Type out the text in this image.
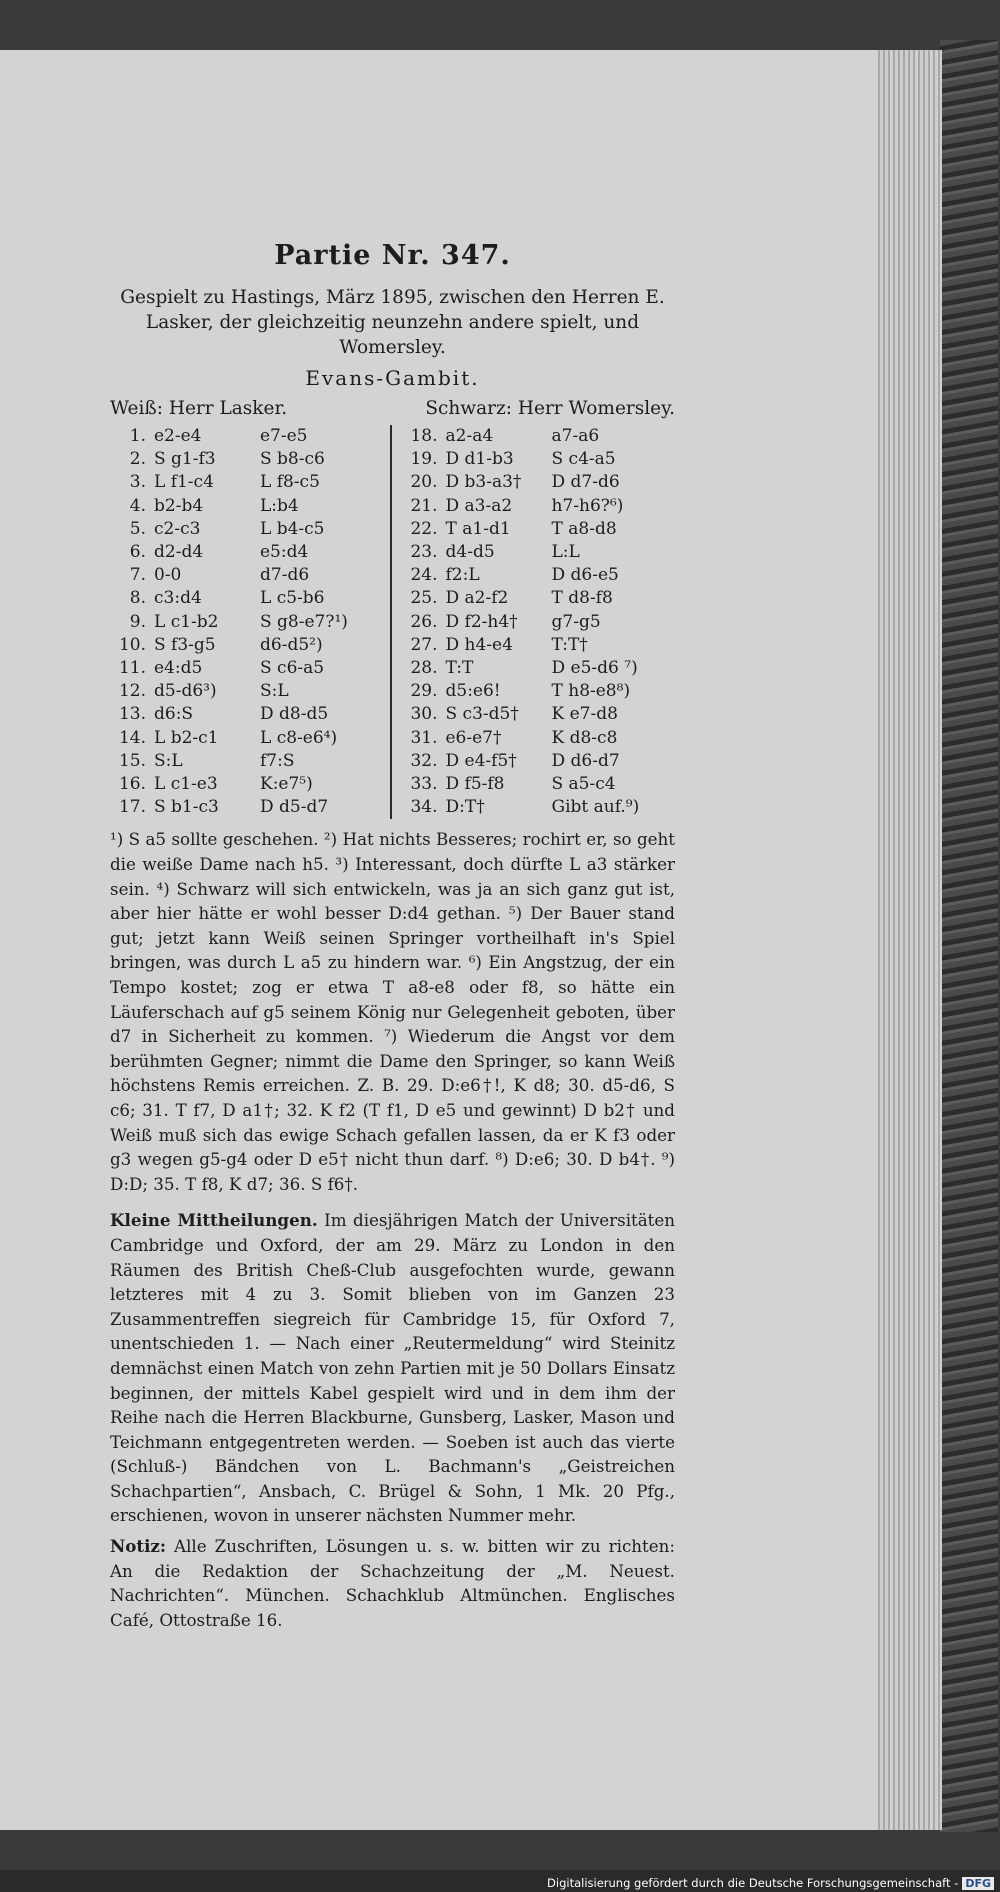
Partie Nr. 347.
Gespielt zu Hastings, März 1895, zwischen den Herren E. Lasker, der gleichzeitig neunzehn andere spielt, und Womersley.
Evans-Gambit.
Weiß: Herr Lasker.	Schwarz: Herr Womersley.
1. e2-e4	e7-e5
2. S g1-f3	S b8-c6
3. L f1-c4	L f8-c5
4. b2-b4	L:b4
5. c2-c3	L b4-c5
6. d2-d4	e5:d4
7. 0-0	d7-d6
8. c3:d4	L c5-b6
9. L c1-b2	S g8-e7?¹)
10. S f3-g5	d6-d5²)
11. e4:d5	S c6-a5
12. d5-d6³)	S:L
13. d6:S	D d8-d5
14. L b2-c1	L c8-e6⁴)
15. S:L	f7:S
16. L c1-e3	K:e7⁵)
17. S b1-c3	D d5-d7
18. a2-a4	a7-a6
19. D d1-b3	S c4-a5
20. D b3-a3†	D d7-d6
21. D a3-a2	h7-h6?⁶)
22. T a1-d1	T a8-d8
23. d4-d5	L:L
24. f2:L	D d6-e5
25. D a2-f2	T d8-f8
26. D f2-h4†	g7-g5
27. D h4-e4	T:T†
28. T:T	D e5-d6 ⁷)
29. d5:e6!	T h8-e8⁸)
30. S c3-d5†	K e7-d8
31. e6-e7†	K d8-c8
32. D e4-f5†	D d6-d7
33. D f5-f8	S a5-c4
34. D:T†	Gibt auf.⁹)
¹) S a5 sollte geschehen. ²) Hat nichts Besseres; rochirt er, so geht die weiße Dame nach h5. ³) Interessant, doch dürfte L a3 stärker sein. ⁴) Schwarz will sich entwickeln, was ja an sich ganz gut ist, aber hier hätte er wohl besser D:d4 gethan. ⁵) Der Bauer stand gut; jetzt kann Weiß seinen Springer vortheilhaft in's Spiel bringen, was durch L a5 zu hindern war. ⁶) Ein Angstzug, der ein Tempo kostet; zog er etwa T a8-e8 oder f8, so hätte ein Läuferschach auf g5 seinem König nur Gelegenheit geboten, über d7 in Sicherheit zu kommen. ⁷) Wiederum die Angst vor dem berühmten Gegner; nimmt die Dame den Springer, so kann Weiß höchstens Remis erreichen. Z. B. 29. D:e6†!, K d8; 30. d5-d6, S c6; 31. T f7, D a1†; 32. K f2 (T f1, D e5 und gewinnt) D b2† und Weiß muß sich das ewige Schach gefallen lassen, da er K f3 oder g3 wegen g5-g4 oder D e5† nicht thun darf. ⁸) D:e6; 30. D b4†. ⁹) D:D; 35. T f8, K d7; 36. S f6†.
Kleine Mittheilungen. Im diesjährigen Match der Universitäten Cambridge und Oxford, der am 29. März zu London in den Räumen des British Cheß-Club ausgefochten wurde, gewann letzteres mit 4 zu 3. Somit blieben von im Ganzen 23 Zusammentreffen siegreich für Cambridge 15, für Oxford 7, unentschieden 1. — Nach einer „Reutermeldung“ wird Steinitz demnächst einen Match von zehn Partien mit je 50 Dollars Einsatz beginnen, der mittels Kabel gespielt wird und in dem ihm der Reihe nach die Herren Blackburne, Gunsberg, Lasker, Mason und Teichmann entgegentreten werden. — Soeben ist auch das vierte (Schluß-) Bändchen von L. Bachmann's „Geistreichen Schachpartien“, Ansbach, C. Brügel & Sohn, 1 Mk. 20 Pfg., erschienen, wovon in unserer nächsten Nummer mehr.
Notiz: Alle Zuschriften, Lösungen u. s. w. bitten wir zu richten: An die Redaktion der Schachzeitung der „M. Neuest. Nachrichten“. München. Schachklub Altmünchen. Englisches Café, Ottostraße 16.
Digitalisierung gefördert durch die Deutsche Forschungsgemeinschaft - DFG
